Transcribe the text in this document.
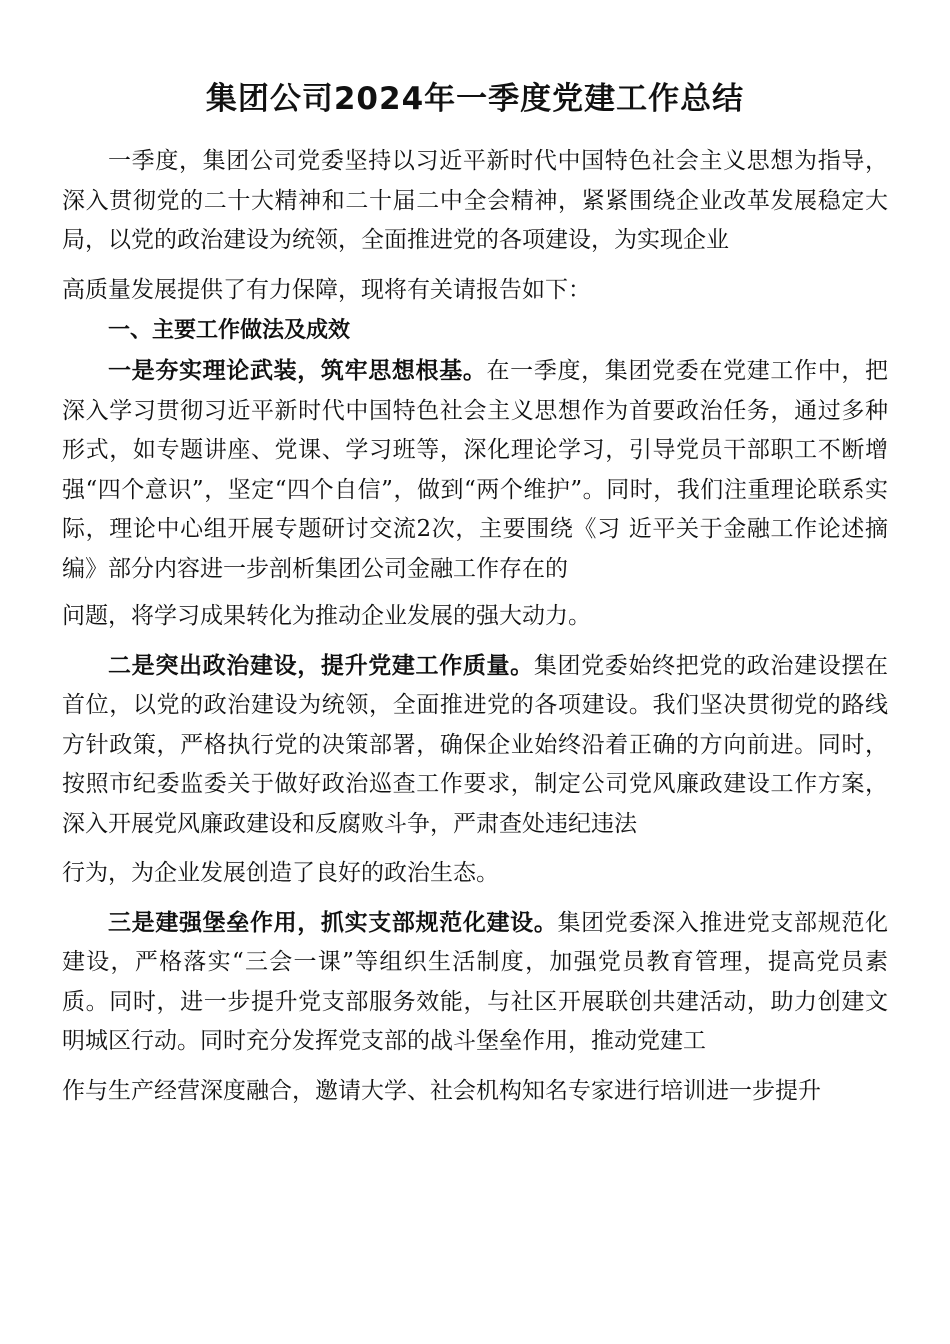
集团公司2024年一季度党建工作总结

一季度，集团公司党委坚持以习近平新时代中国特色社会主义思想为指导，深入贯彻党的二十大精神和二十届二中全会精神，紧紧围绕企业改革发展稳定大局，以党的政治建设为统领，全面推进党的各项建设，为实现企业

高质量发展提供了有力保障，现将有关请报告如下：

一、主要工作做法及成效

一是夯实理论武装，筑牢思想根基。在一季度，集团党委在党建工作中，把深入学习贯彻习近平新时代中国特色社会主义思想作为首要政治任务，通过多种形式，如专题讲座、党课、学习班等，深化理论学习，引导党员干部职工不断增强“四个意识”，坚定“四个自信”，做到“两个维护”。同时，我们注重理论联系实际，理论中心组开展专题研讨交流2次，主要围绕《习 近平关于金融工作论述摘编》部分内容进一步剖析集团公司金融工作存在的

问题，将学习成果转化为推动企业发展的强大动力。

二是突出政治建设，提升党建工作质量。集团党委始终把党的政治建设摆在首位，以党的政治建设为统领，全面推进党的各项建设。我们坚决贯彻党的路线方针政策，严格执行党的决策部署，确保企业始终沿着正确的方向前进。同时，按照市纪委监委关于做好政治巡查工作要求，制定公司党风廉政建设工作方案，深入开展党风廉政建设和反腐败斗争，严肃查处违纪违法

行为，为企业发展创造了良好的政治生态。

三是建强堡垒作用，抓实支部规范化建设。集团党委深入推进党支部规范化建设，严格落实“三会一课”等组织生活制度，加强党员教育管理，提高党员素质。同时，进一步提升党支部服务效能，与社区开展联创共建活动，助力创建文明城区行动。同时充分发挥党支部的战斗堡垒作用，推动党建工

作与生产经营深度融合，邀请大学、社会机构知名专家进行培训进一步提升
